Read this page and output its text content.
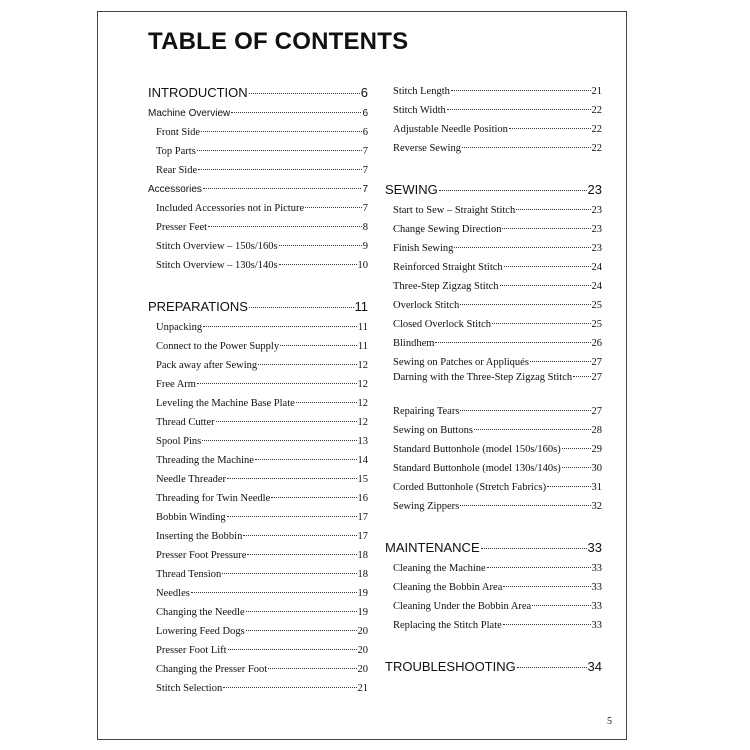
TABLE OF CONTENTS
INTRODUCTION	6
Machine Overview	6
Front Side	6
Top Parts	7
Rear Side	7
Accessories	7
Included Accessories not in Picture	7
Presser Feet	8
Stitch Overview – 150s/160s	9
Stitch Overview – 130s/140s	10
PREPARATIONS	11
Unpacking	11
Connect to the Power Supply	11
Pack away after Sewing	12
Free Arm	12
Leveling the Machine Base Plate	12
Thread Cutter	12
Spool Pins	13
Threading the Machine	14
Needle Threader	15
Threading for Twin Needle	16
Bobbin Winding	17
Inserting the Bobbin	17
Presser Foot Pressure	18
Thread Tension	18
Needles	19
Changing the Needle	19
Lowering Feed Dogs	20
Presser Foot Lift	20
Changing the Presser Foot	20
Stitch Selection	21
Stitch Length	21
Stitch Width	22
Adjustable Needle Position	22
Reverse Sewing	22
SEWING	23
Start to Sew – Straight Stitch	23
Change Sewing Direction	23
Finish Sewing	23
Reinforced Straight Stitch	24
Three-Step Zigzag Stitch	24
Overlock Stitch	25
Closed Overlock Stitch	25
Blindhem	26
Sewing on Patches or Appliqués	27
Darning with the Three-Step Zigzag Stitch 27
Repairing Tears	27
Sewing on Buttons	28
Standard Buttonhole (model 150s/160s)	29
Standard Buttonhole (model 130s/140s)	30
Corded Buttonhole (Stretch Fabrics)	31
Sewing Zippers	32
MAINTENANCE	33
Cleaning the Machine	33
Cleaning the Bobbin Area	33
Cleaning Under the Bobbin Area	33
Replacing the Stitch Plate	33
TROUBLESHOOTING	34
5
